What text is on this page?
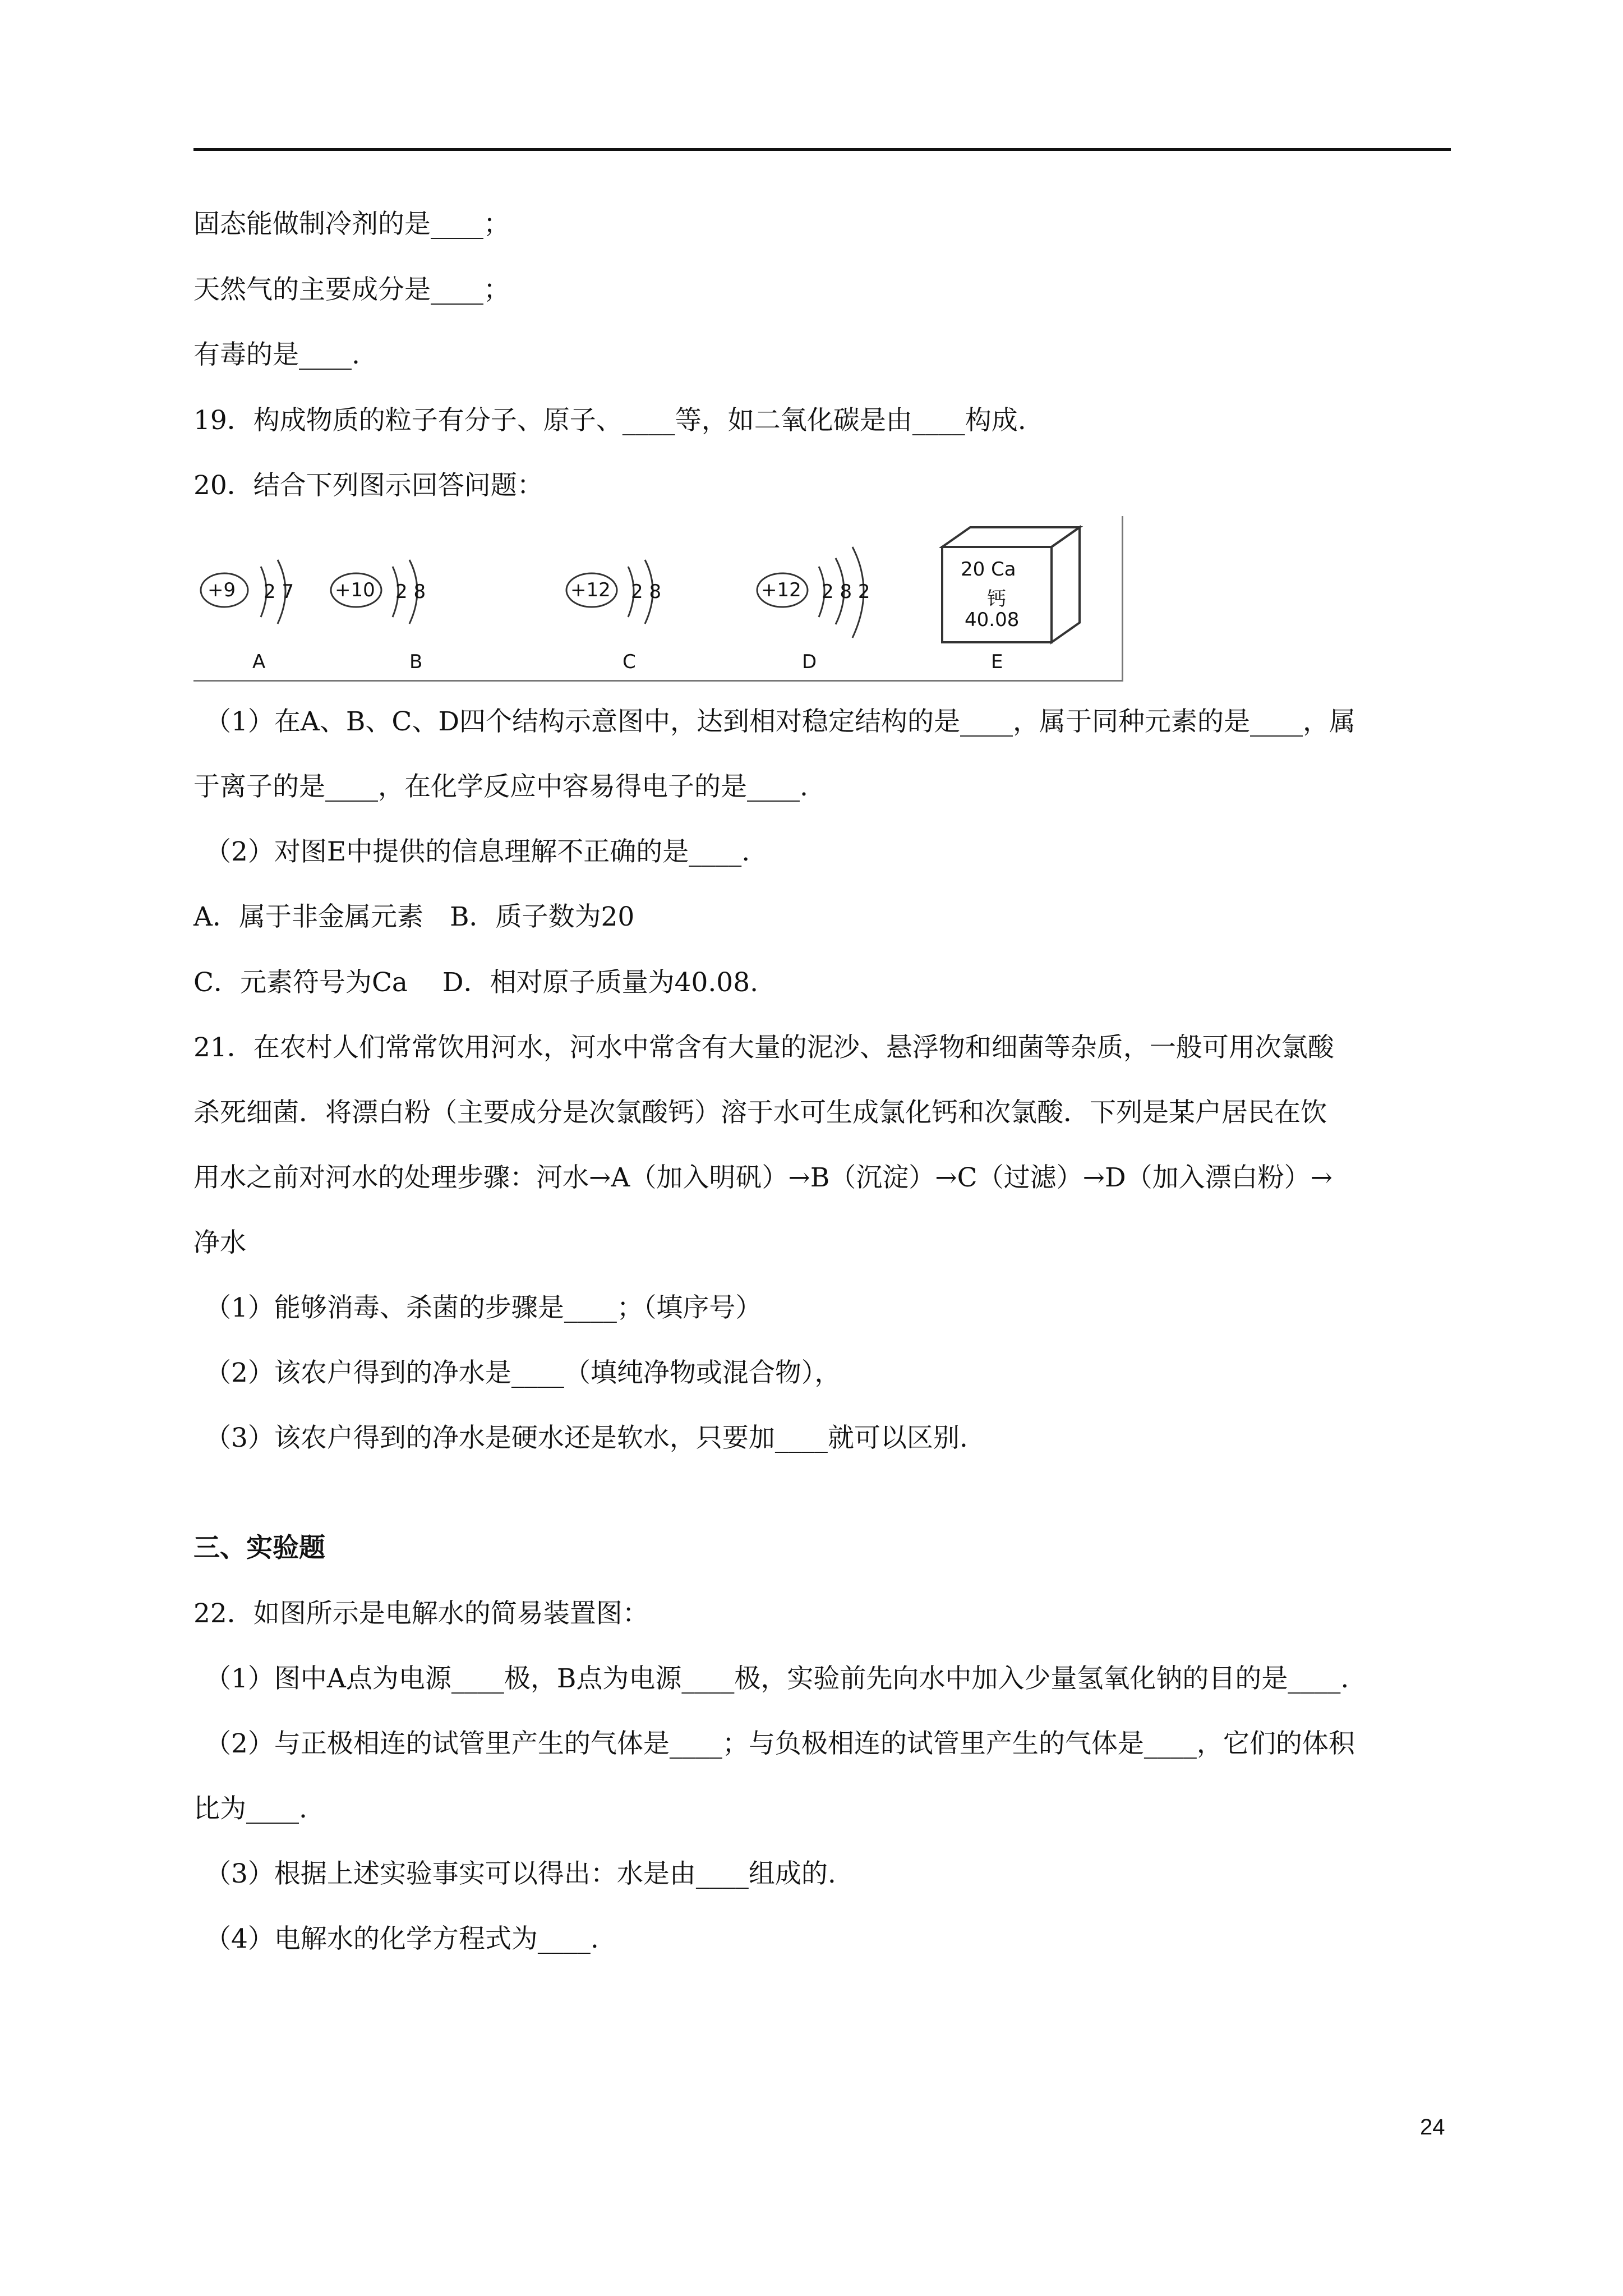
固态能做制冷剂的是____；
天然气的主要成分是____；
有毒的是____.
19．构成物质的粒子有分子、原子、____等，如二氧化碳是由____构成.
20．结合下列图示回答问题：
+9 2 7
A
+10 2 8
B
+12 2 8
C
+12 2 8 2
D
20 Ca
钙
40.08
E
（1）在A、B、C、D四个结构示意图中，达到相对稳定结构的是____，属于同种元素的是____，属
于离子的是____，在化学反应中容易得电子的是____.
（2）对图E中提供的信息理解不正确的是____.
A．属于非金属元素　B．质子数为20
C．元素符号为Ca　 D．相对原子质量为40.08.
21．在农村人们常常饮用河水，河水中常含有大量的泥沙、悬浮物和细菌等杂质，一般可用次氯酸
杀死细菌．将漂白粉（主要成分是次氯酸钙）溶于水可生成氯化钙和次氯酸．下列是某户居民在饮
用水之前对河水的处理步骤：河水→A（加入明矾）→B（沉淀）→C（过滤）→D（加入漂白粉）→
净水
（1）能够消毒、杀菌的步骤是____；（填序号）
（2）该农户得到的净水是____（填纯净物或混合物），
（3）该农户得到的净水是硬水还是软水，只要加____就可以区别.
三、实验题
22．如图所示是电解水的简易装置图：
（1）图中A点为电源____极，B点为电源____极，实验前先向水中加入少量氢氧化钠的目的是____.
（2）与正极相连的试管里产生的气体是____；与负极相连的试管里产生的气体是____，它们的体积
比为____.
（3）根据上述实验事实可以得出：水是由____组成的.
（4）电解水的化学方程式为____.
24
